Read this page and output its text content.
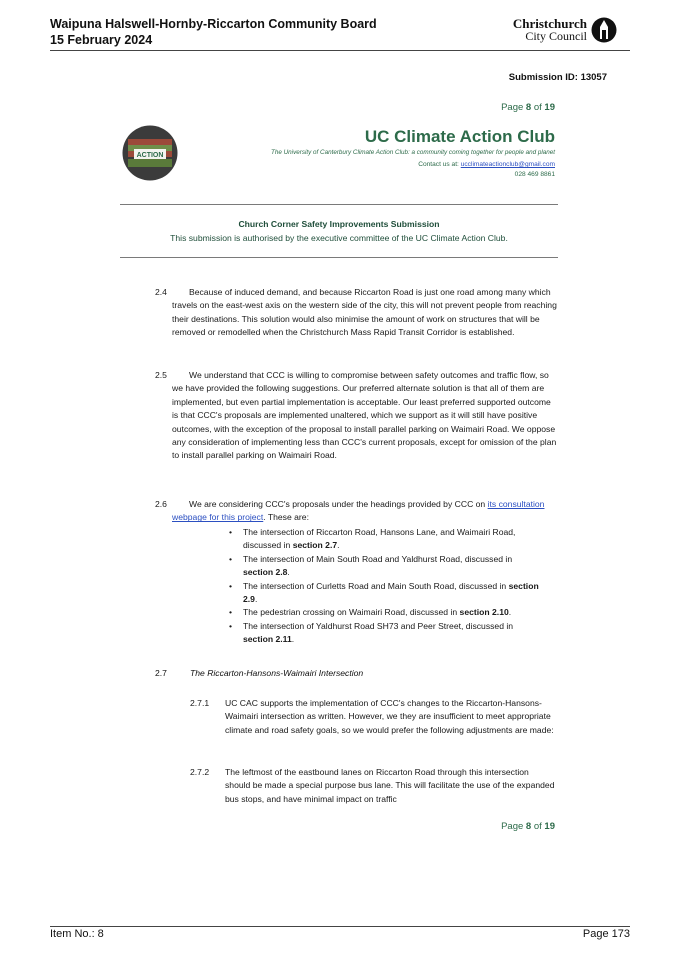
Waipuna Halswell-Hornby-Riccarton Community Board
15 February 2024
Christchurch
City Council
Submission ID: 13057
Page 8 of 19
ACTION
UC Climate Action Club
The University of Canterbury Climate Action Club: a community coming together for people and planet
Contact us at: ucclimateactionclub@gmail.com
028 469 8861
Church Corner Safety Improvements Submission
This submission is authorised by the executive committee of the UC Climate Action Club.
2.4	Because of induced demand, and because Riccarton Road is just one road among many which travels on the east-west axis on the western side of the city, this will not prevent people from reaching their destinations. This solution would also minimise the amount of work on structures that will be removed or remodelled when the Christchurch Mass Rapid Transit Corridor is established.
2.5	We understand that CCC is willing to compromise between safety outcomes and traffic flow, so we have provided the following suggestions. Our preferred alternate solution is that all of them are implemented, but even partial implementation is acceptable. Our least preferred supported outcome is that CCC's proposals are implemented unaltered, which we support as it will still have positive outcomes, with the exception of the proposal to install parallel parking on Waimairi Road. We oppose any consideration of implementing less than CCC's current proposals, except for omission of the plan to install parallel parking on Waimairi Road.
2.6	We are considering CCC's proposals under the headings provided by CCC on its consultation webpage for this project. These are:
• The intersection of Riccarton Road, Hansons Lane, and Waimairi Road, discussed in section 2.7.
• The intersection of Main South Road and Yaldhurst Road, discussed in section 2.8.
• The intersection of Curletts Road and Main South Road, discussed in section 2.9.
• The pedestrian crossing on Waimairi Road, discussed in section 2.10.
• The intersection of Yaldhurst Road SH73 and Peer Street, discussed in section 2.11.
2.7	The Riccarton-Hansons-Waimairi Intersection
2.7.1 UC CAC supports the implementation of CCC's changes to the Riccarton-Hansons-Waimairi intersection as written. However, we they are insufficient to meet appropriate climate and road safety goals, so we would prefer the following adjustments are made:
2.7.2 The leftmost of the eastbound lanes on Riccarton Road through this intersection should be made a special purpose bus lane. This will facilitate the use of the expanded bus stops, and have minimal impact on traffic
Page 8 of 19
Item No.: 8	Page 173
